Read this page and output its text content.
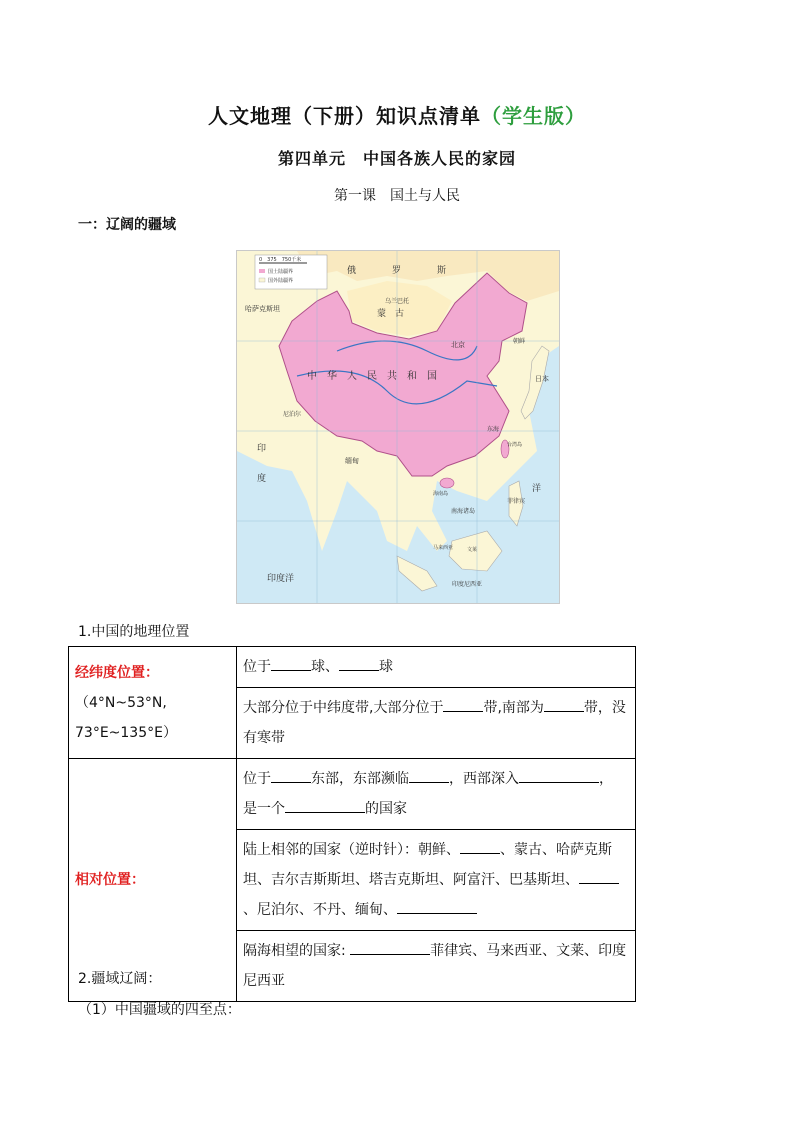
人文地理（下册）知识点清单（学生版）
第四单元　中国各族人民的家园
第一课　国土与人民
一：辽阔的疆域
0　375　750千米
国土陆疆界
国外陆疆界
俄	罗	斯
乌兰巴托
蒙　古
北京
中　华　人　民　共　和　国
哈萨克斯坦
印
度
日本
东海
台湾岛
海南岛
南海诸岛
菲律宾
印度洋
洋
缅甸
尼泊尔
朝鲜
马来西亚	文莱
印度尼西亚
1.中国的地理位置
经纬度位置：
（4°N~53°N,
73°E~135°E）	位于 球、 球
	大部分位于中纬度带,大部分位于 带,南部为 带，没有寒带

相对位置：	位于 东部，东部濒临 ，西部深入 ，
是一个 的国家
	陆上相邻的国家（逆时针）：朝鲜、 、蒙古、哈萨克斯坦、吉尔吉斯斯坦、塔吉克斯坦、阿富汗、巴基斯坦、、尼泊尔、不丹、缅甸、
	隔海相望的国家: 菲律宾、马来西亚、文莱、印度尼西亚
2.疆域辽阔：
（1）中国疆域的四至点：
